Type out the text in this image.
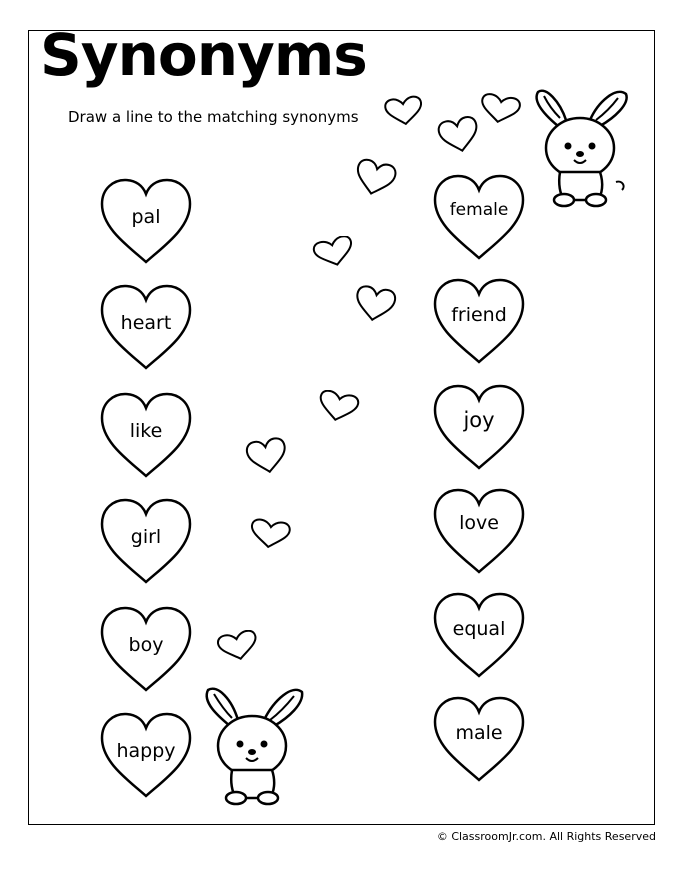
Synonyms
Draw a line to the matching synonyms
pal
heart
like
girl
boy
happy
female
friend
joy
love
equal
male
© ClassroomJr.com. All Rights Reserved
